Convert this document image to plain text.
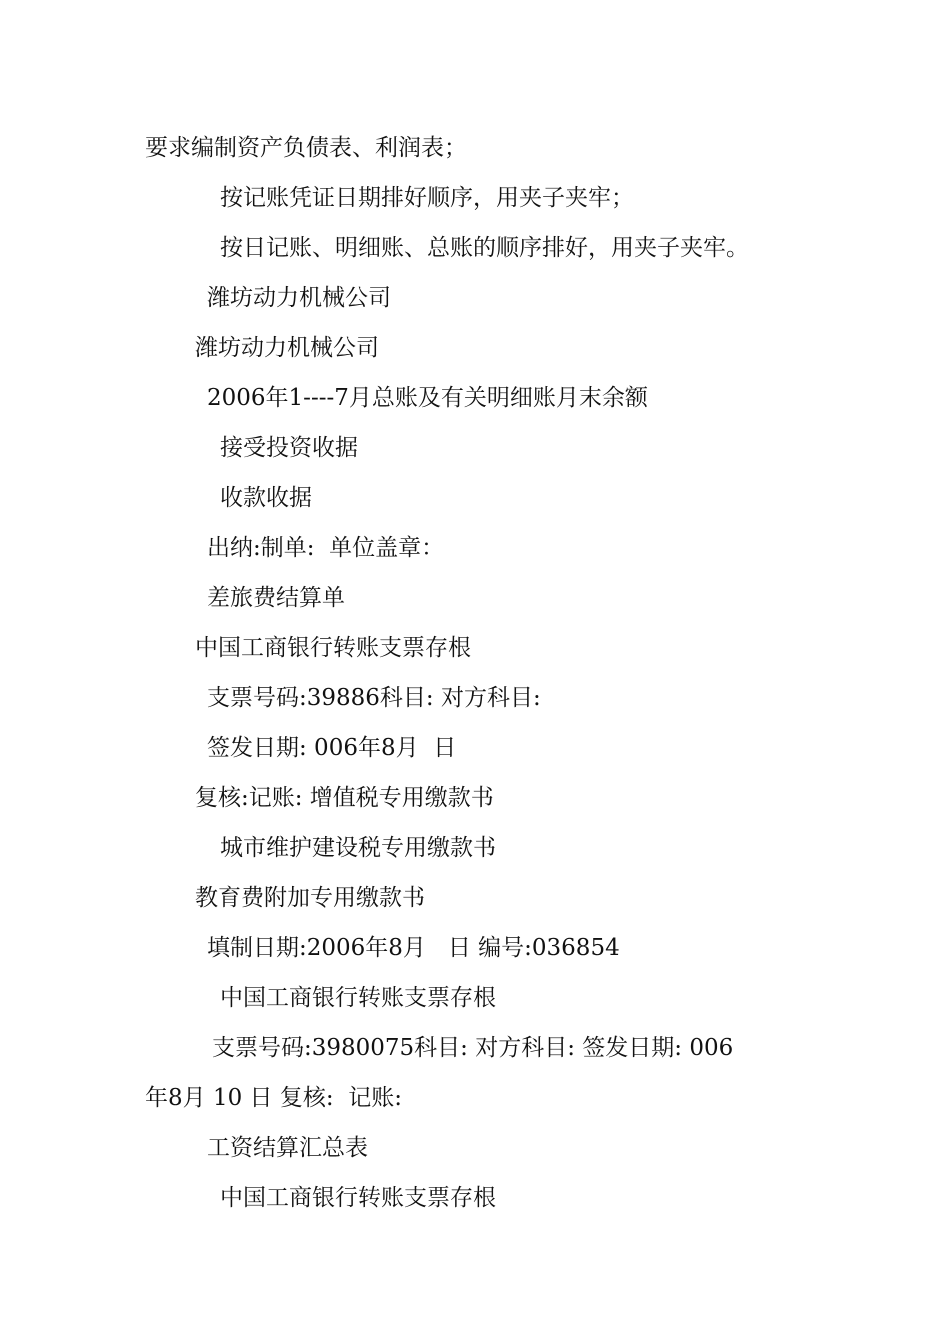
要求编制资产负债表、利润表；

按记账凭证日期排好顺序，用夹子夹牢；

按日记账、明细账、总账的顺序排好，用夹子夹牢。

潍坊动力机械公司

潍坊动力机械公司

2006年1----7月总账及有关明细账月末余额

接受投资收据

收款收据

出纳:制单:  单位盖章：

差旅费结算单

中国工商银行转账支票存根

支票号码:39886科目: 对方科目:

签发日期: 006年8月  日

复核:记账: 增值税专用缴款书

城市维护建设税专用缴款书

教育费附加专用缴款书

填制日期:2006年8月   日 编号:036854

中国工商银行转账支票存根

支票号码:3980075科目: 对方科目: 签发日期: 006

年8月 10 日 复核:  记账:

工资结算汇总表

中国工商银行转账支票存根
